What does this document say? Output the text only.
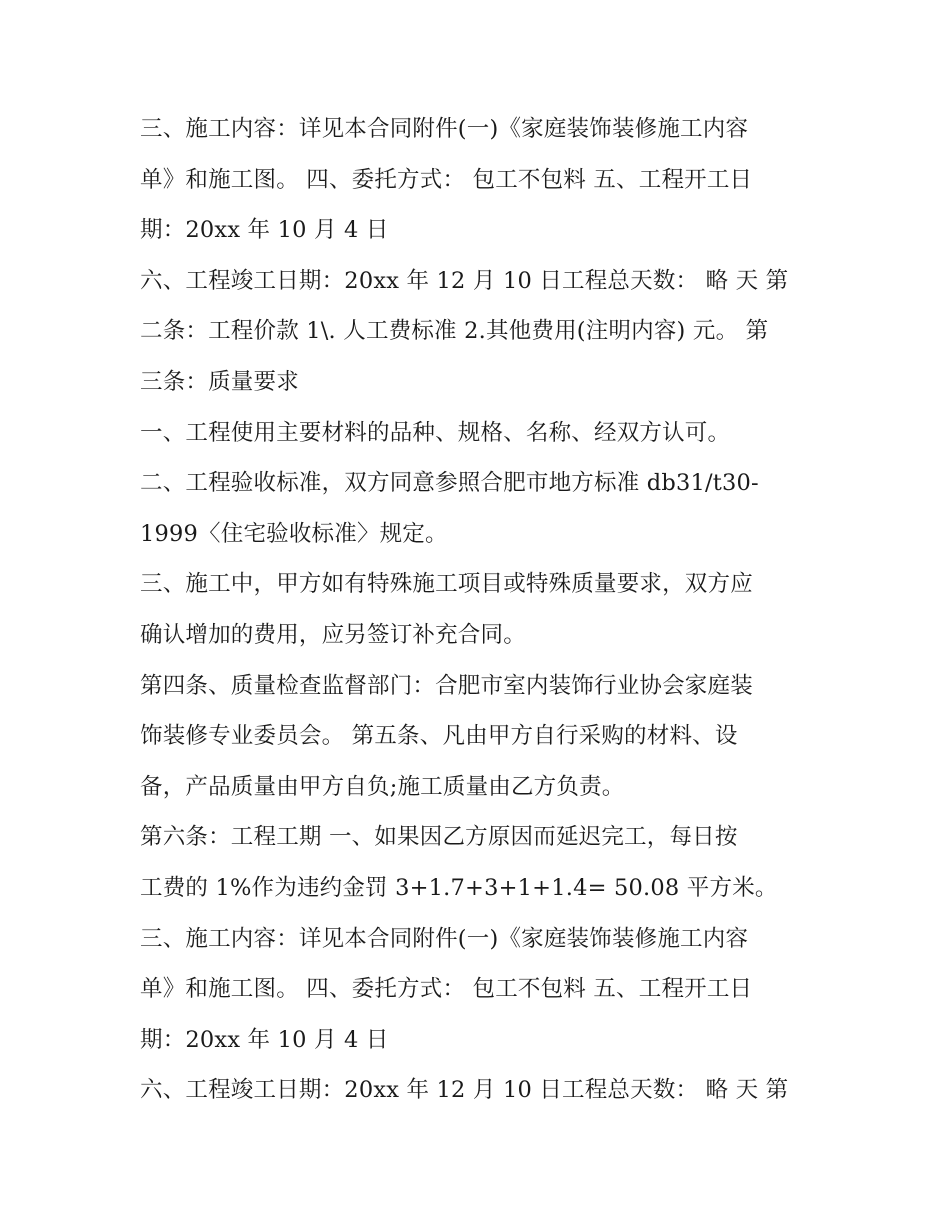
三、施工内容：详见本合同附件(一)《家庭装饰装修施工内容
单》和施工图。 四、委托方式： 包工不包料 五、工程开工日
期：20xx 年 10 月 4 日
六、工程竣工日期：20xx 年 12 月 10 日工程总天数： 略 天 第
二条：工程价款 1\. 人工费标准 2.其他费用(注明内容) 元。 第
三条：质量要求
一、工程使用主要材料的品种、规格、名称、经双方认可。
二、工程验收标准，双方同意参照合肥市地方标准 db31/t30-
1999〈住宅验收标准〉规定。
三、施工中，甲方如有特殊施工项目或特殊质量要求，双方应
确认增加的费用，应另签订补充合同。
第四条、质量检查监督部门：合肥市室内装饰行业协会家庭装
饰装修专业委员会。 第五条、凡由甲方自行采购的材料、设
备，产品质量由甲方自负;施工质量由乙方负责。
第六条：工程工期 一、如果因乙方原因而延迟完工，每日按
工费的 1%作为违约金罚 3+1.7+3+1+1.4= 50.08 平方米。
三、施工内容：详见本合同附件(一)《家庭装饰装修施工内容
单》和施工图。 四、委托方式： 包工不包料 五、工程开工日
期：20xx 年 10 月 4 日
六、工程竣工日期：20xx 年 12 月 10 日工程总天数： 略 天 第
